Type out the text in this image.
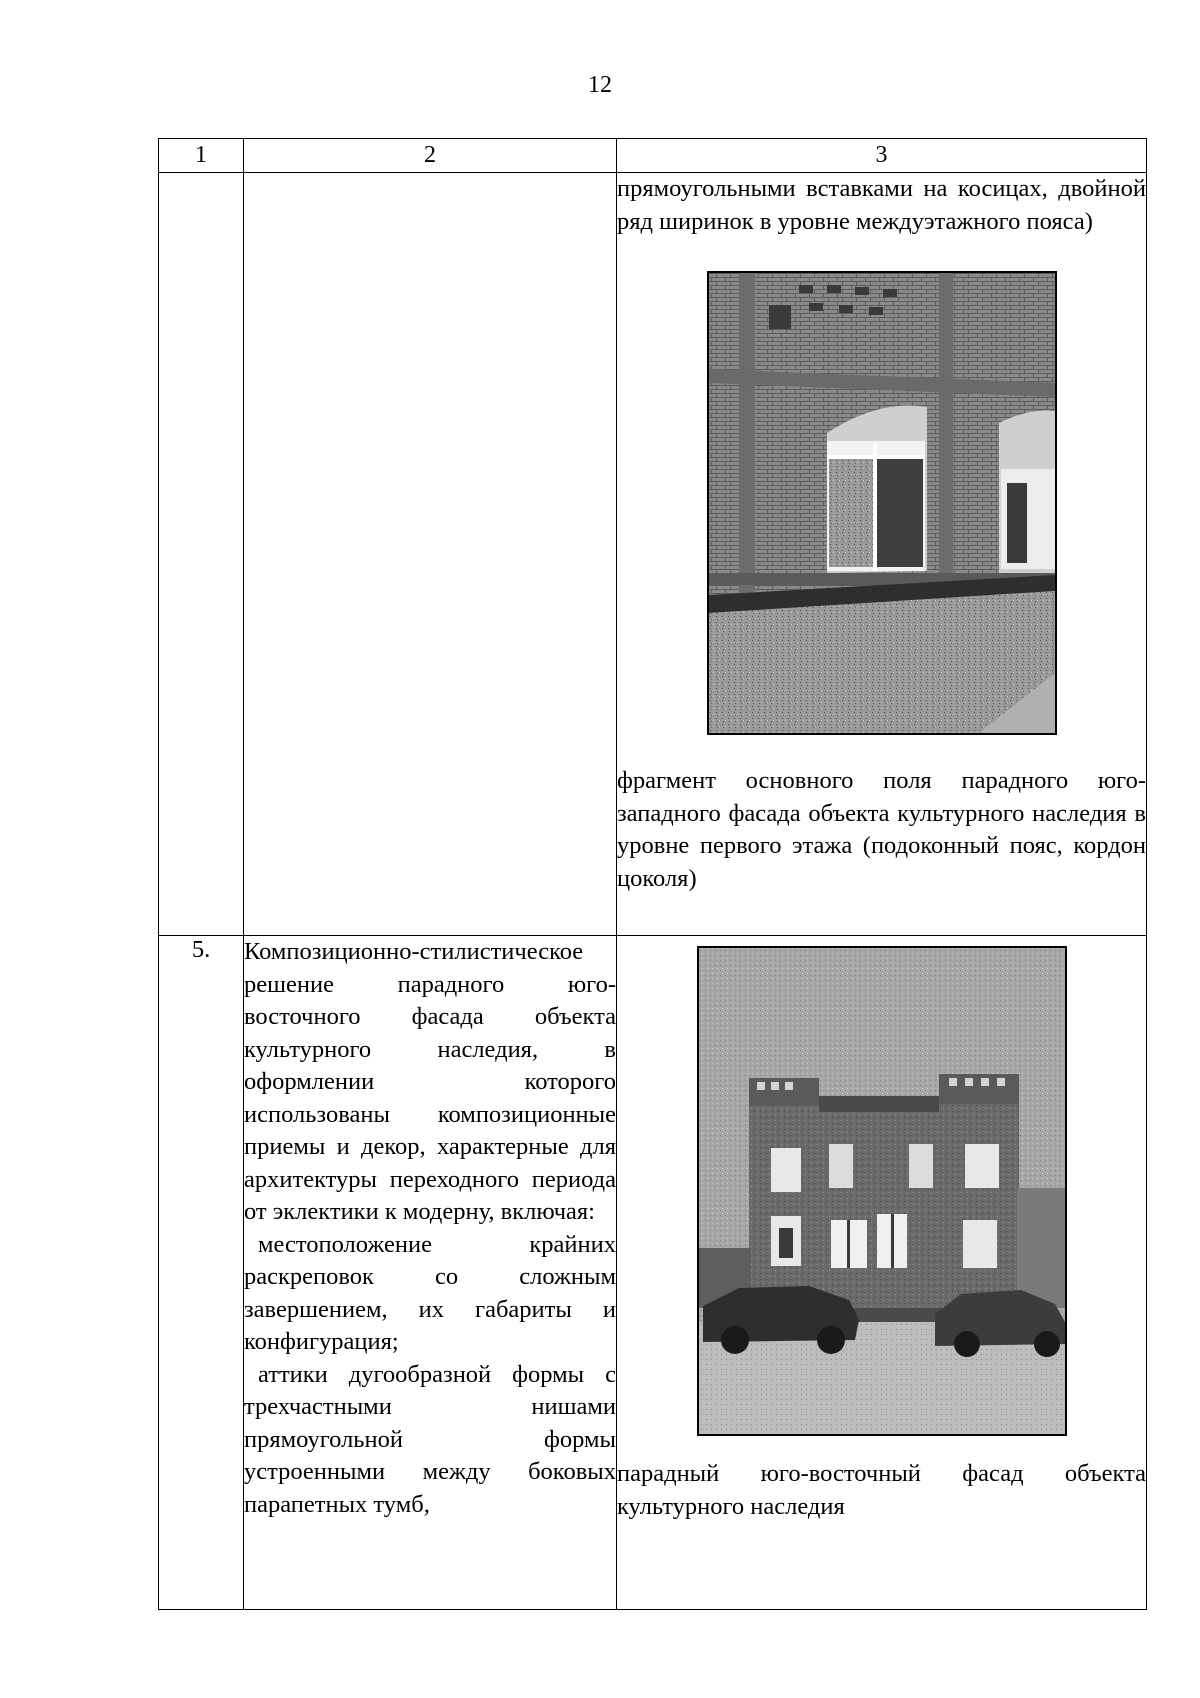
12
1	2	3

		прямоугольными вставками на косицах, двойной ряд ширинок в уровне междуэтажного пояса)
фрагмент основного поля парадного юго-западного фасада объекта культурного наследия в уровне первого этажа (подоконный пояс, кордон цоколя)

5.	Композиционно-стилистическое решение парадного юго-восточного фасада объекта культурного наследия, в оформлении которого использованы композиционные приемы и декор, характерные для архитектуры переходного периода от эклектики к модерну, включая:
местоположение крайних раскреповок со сложным завершением, их габариты и конфигурация;
аттики дугообразной формы с трехчастными нишами прямоугольной формы устроенными между боковых парапетных тумб,	парадный юго-восточный фасад объекта культурного наследия
